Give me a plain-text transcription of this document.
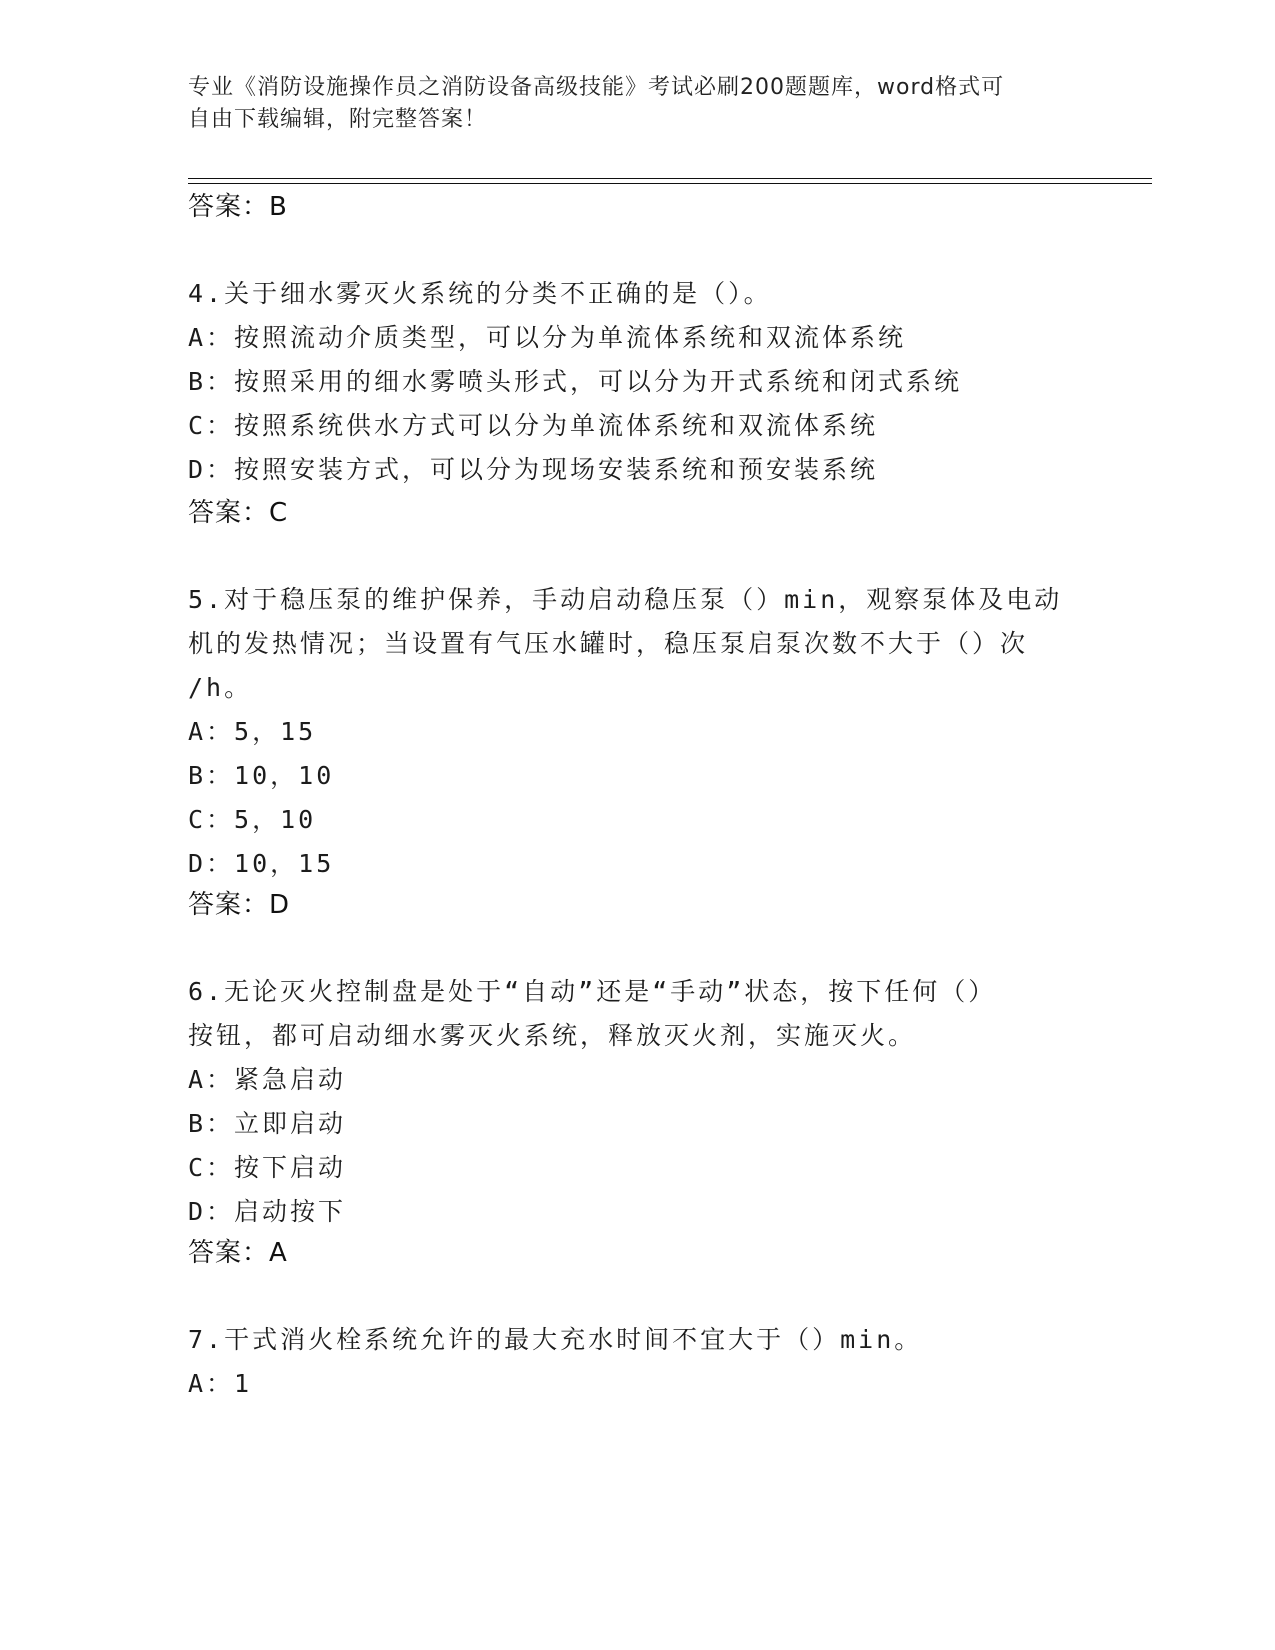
专业《消防设施操作员之消防设备高级技能》考试必刷200题题库，word格式可
自由下载编辑，附完整答案！
答案：B
4.关于细水雾灭火系统的分类不正确的是（）。
A：按照流动介质类型，可以分为单流体系统和双流体系统
B：按照采用的细水雾喷头形式，可以分为开式系统和闭式系统
C：按照系统供水方式可以分为单流体系统和双流体系统
D：按照安装方式，可以分为现场安装系统和预安装系统
答案：C
5.对于稳压泵的维护保养，手动启动稳压泵（）min，观察泵体及电动
机的发热情况；当设置有气压水罐时，稳压泵启泵次数不大于（）次
/h。
A：5，15
B：10，10
C：5，10
D：10，15
答案：D
6.无论灭火控制盘是处于“自动”还是“手动”状态，按下任何（）
按钮，都可启动细水雾灭火系统，释放灭火剂，实施灭火。
A：紧急启动
B：立即启动
C：按下启动
D：启动按下
答案：A
7.干式消火栓系统允许的最大充水时间不宜大于（）min。
A：1
